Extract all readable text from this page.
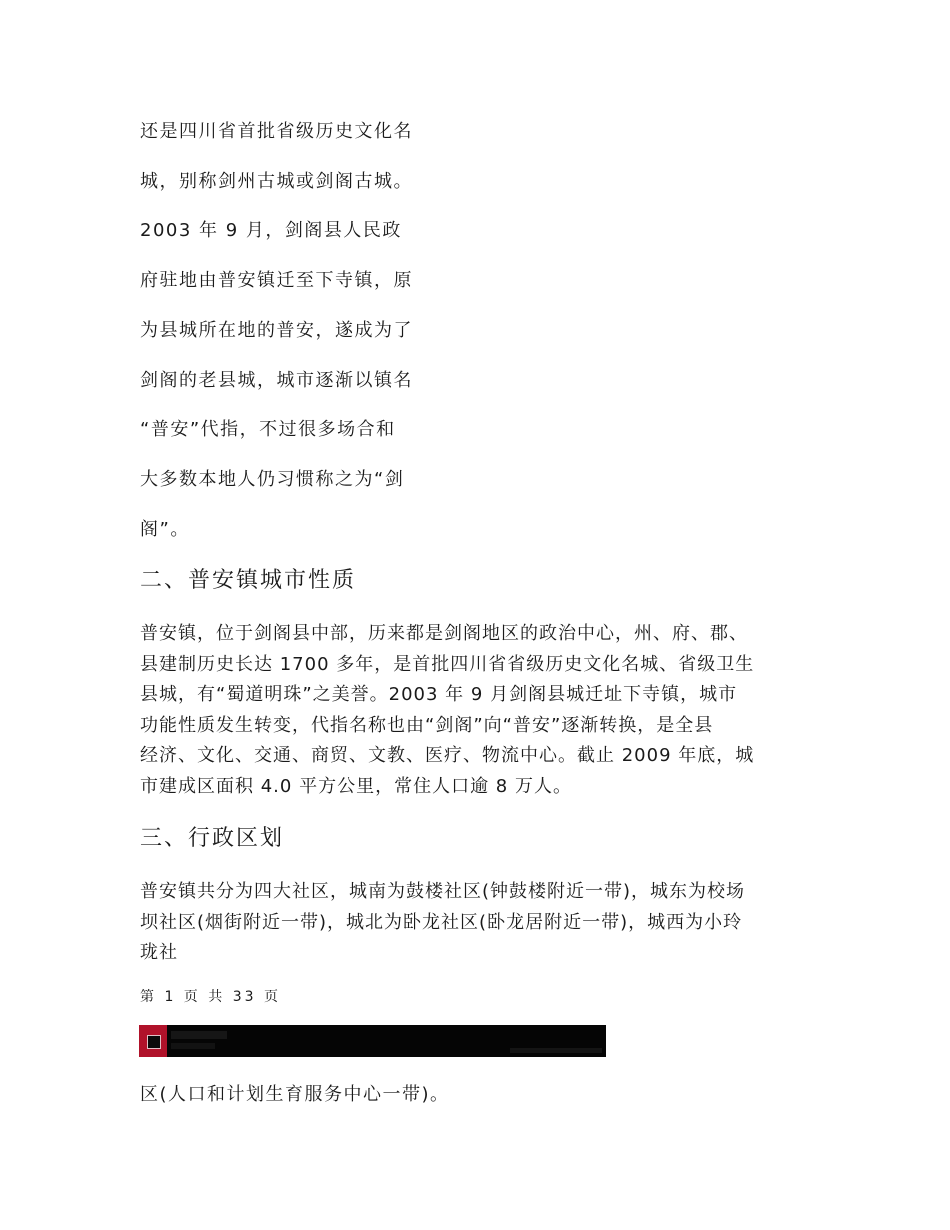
还是四川省首批省级历史文化名
城，别称剑州古城或剑阁古城。
2003 年 9 月，剑阁县人民政
府驻地由普安镇迁至下寺镇，原
为县城所在地的普安，遂成为了
剑阁的老县城，城市逐渐以镇名
“普安”代指，不过很多场合和
大多数本地人仍习惯称之为“剑
阁”。
二、普安镇城市性质
普安镇，位于剑阁县中部，历来都是剑阁地区的政治中心，州、府、郡、
县建制历史长达 1700 多年，是首批四川省省级历史文化名城、省级卫生
县城，有“蜀道明珠”之美誉。2003 年 9 月剑阁县城迁址下寺镇，城市
功能性质发生转变，代指名称也由“剑阁”向“普安”逐渐转换，是全县
经济、文化、交通、商贸、文教、医疗、物流中心。截止 2009 年底，城
市建成区面积 4.0 平方公里，常住人口逾 8 万人。
三、行政区划
普安镇共分为四大社区，城南为鼓楼社区(钟鼓楼附近一带)，城东为校场
坝社区(烟街附近一带)，城北为卧龙社区(卧龙居附近一带)，城西为小玲
珑社
第 1 页 共 33 页
区(人口和计划生育服务中心一带)。
